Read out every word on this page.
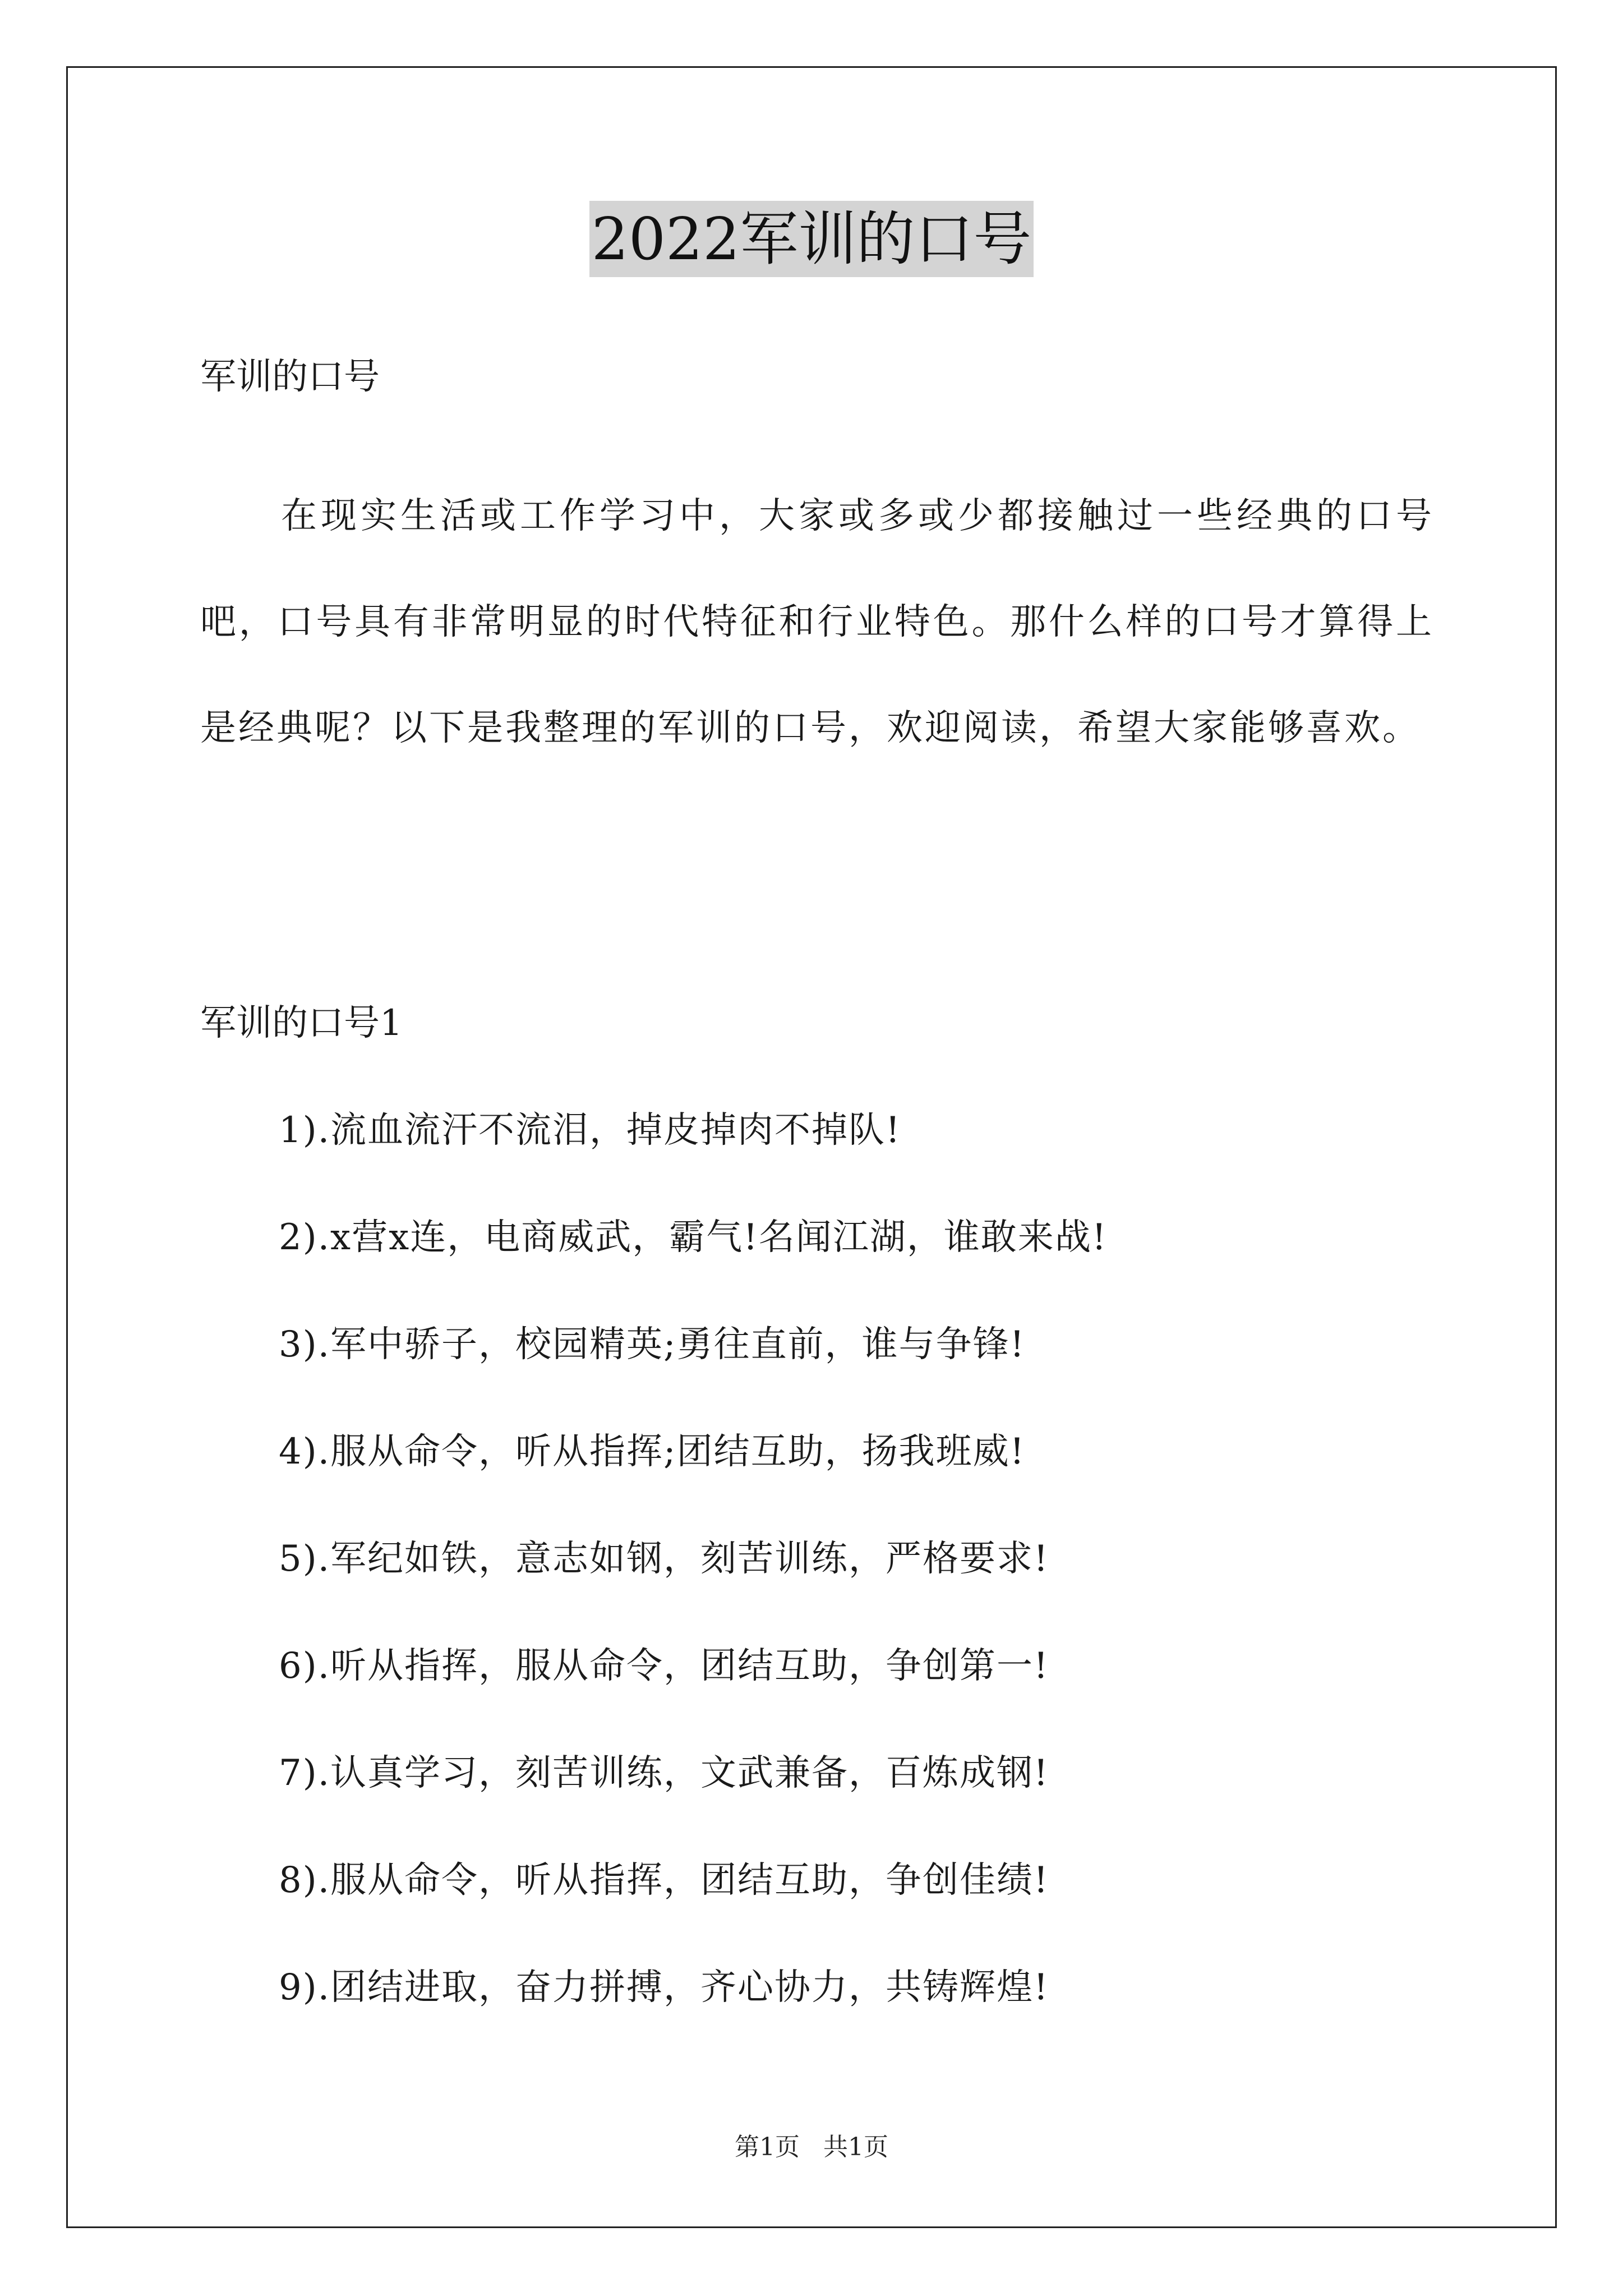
2022军训的口号
军训的口号
在现实生活或工作学习中，大家或多或少都接触过一些经典的口号吧，口号具有非常明显的时代特征和行业特色。那什么样的口号才算得上是经典呢？以下是我整理的军训的口号，欢迎阅读，希望大家能够喜欢。
军训的口号1
1).流血流汗不流泪，掉皮掉肉不掉队!
2).x营x连，电商威武，霸气!名闻江湖，谁敢来战!
3).军中骄子，校园精英;勇往直前，谁与争锋!
4).服从命令，听从指挥;团结互助，扬我班威!
5).军纪如铁，意志如钢，刻苦训练，严格要求!
6).听从指挥，服从命令，团结互助，争创第一!
7).认真学习，刻苦训练，文武兼备，百炼成钢!
8).服从命令，听从指挥，团结互助，争创佳绩!
9).团结进取，奋力拼搏，齐心协力，共铸辉煌!
第1页   共1页
